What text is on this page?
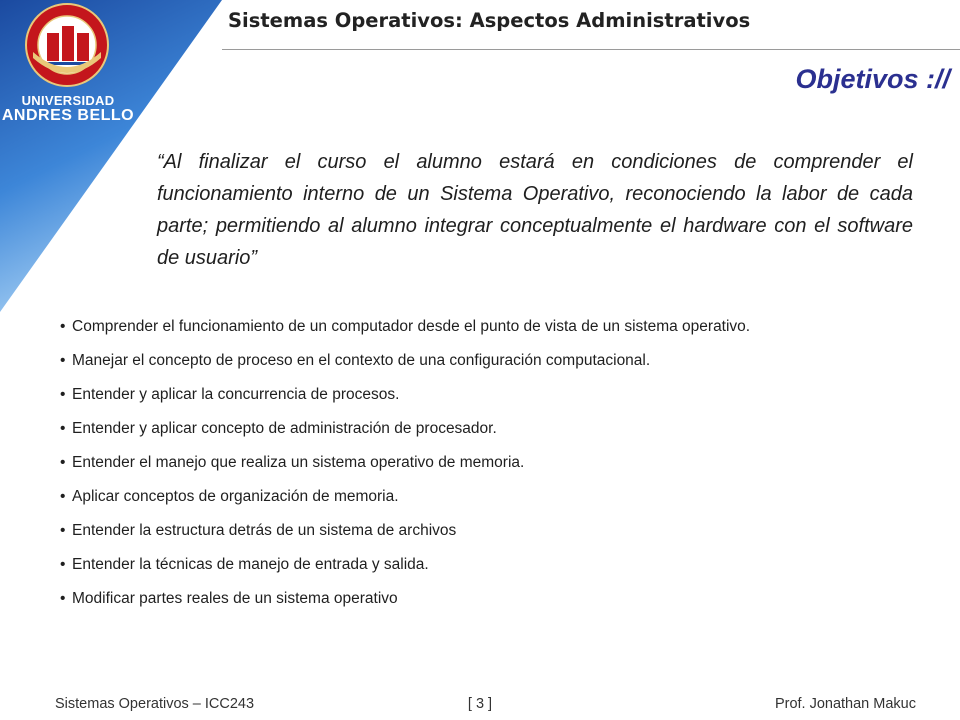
UNIVERSIDAD
ANDRES BELLO
Sistemas Operativos: Aspectos Administrativos
Objetivos ://
“Al finalizar el curso el alumno estará en condiciones de comprender el funcionamiento interno de un Sistema Operativo, reconociendo la labor de cada parte; permitiendo al alumno integrar conceptualmente el hardware con el software de usuario”
• Comprender el funcionamiento de un computador desde el punto de vista de un sistema operativo.
• Manejar el concepto de proceso en el contexto de una configuración computacional.
• Entender y aplicar la concurrencia de procesos.
• Entender y aplicar concepto de administración de procesador.
• Entender el manejo que realiza un sistema operativo de memoria.
• Aplicar conceptos de organización de memoria.
• Entender la estructura detrás de un sistema de archivos
• Entender la técnicas de manejo de entrada y salida.
• Modificar partes reales de un sistema operativo
Sistemas Operativos – ICC243	[ 3 ]	Prof. Jonathan Makuc
